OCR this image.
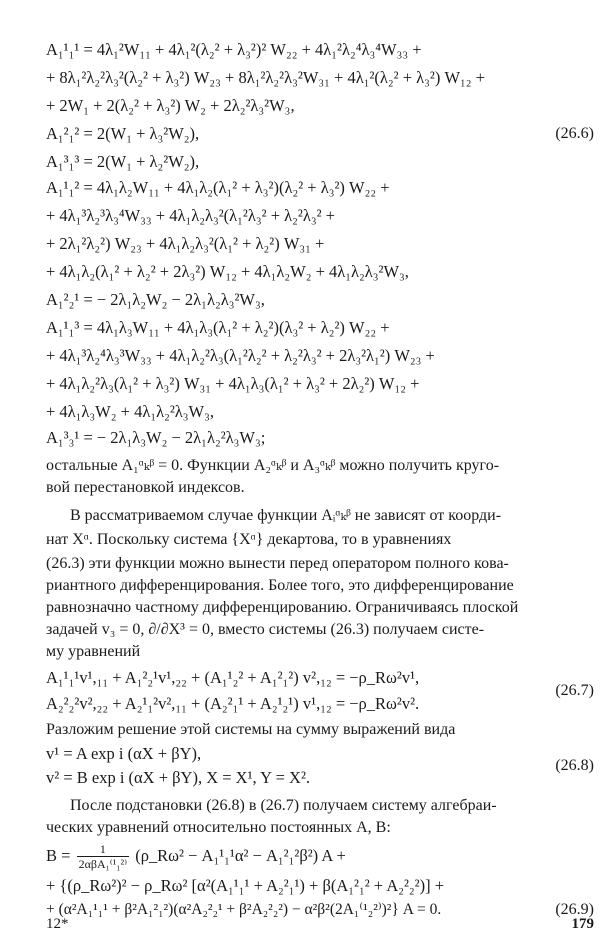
A₁¹₁¹ = 4λ₁²W₁₁ + 4λ₁²(λ₂² + λ₃²)² W₂₂ + 4λ₁²λ₂⁴λ₃⁴W₃₃ +
+ 8λ₁²λ₂²λ₃²(λ₂² + λ₃²) W₂₃ + 8λ₁²λ₂²λ₃²W₃₁ + 4λ₁²(λ₂² + λ₃²) W₁₂ +
+ 2W₁ + 2(λ₂² + λ₃²) W₂ + 2λ₂²λ₃²W₃,
A₁²₁² = 2(W₁ + λ₃²W₂),	(26.6)
A₁³₁³ = 2(W₁ + λ₂²W₂),
A₁¹₁² = 4λ₁λ₂W₁₁ + 4λ₁λ₂(λ₁² + λ₃²)(λ₂² + λ₃²) W₂₂ +
+ 4λ₁³λ₂³λ₃⁴W₃₃ + 4λ₁λ₂λ₃²(λ₁²λ₃² + λ₂²λ₃² +
+ 2λ₁²λ₂²) W₂₃ + 4λ₁λ₂λ₃²(λ₁² + λ₂²) W₃₁ +
+ 4λ₁λ₂(λ₁² + λ₂² + 2λ₃²) W₁₂ + 4λ₁λ₂W₂ + 4λ₁λ₂λ₃²W₃,
A₁²₂¹ = − 2λ₁λ₂W₂ − 2λ₁λ₂λ₃²W₃,
A₁¹₁³ = 4λ₁λ₃W₁₁ + 4λ₁λ₃(λ₁² + λ₂²)(λ₃² + λ₂²) W₂₂ +
+ 4λ₁³λ₂⁴λ₃³W₃₃ + 4λ₁λ₂²λ₃(λ₁²λ₂² + λ₂²λ₃² + 2λ₃²λ₁²) W₂₃ +
+ 4λ₁λ₂²λ₃(λ₁² + λ₃²) W₃₁ + 4λ₁λ₃(λ₁² + λ₃² + 2λ₂²) W₁₂ +
+ 4λ₁λ₃W₂ + 4λ₁λ₂²λ₃W₃,
A₁³₃¹ = − 2λ₁λ₃W₂ − 2λ₁λ₂²λ₃W₃;
остальные A₁ᵅₖᵝ = 0. Функции A₂ᵅₖᵝ и A₃ᵅₖᵝ можно получить круго-
вой перестановкой индексов.
В рассматриваемом случае функции Aᵢᵅₖᵝ не зависят от коорди-
нат Xᵅ. Поскольку система {Xᵅ} декартова, то в уравнениях
(26.3) эти функции можно вынести перед оператором полного кова-
риантного дифференцирования. Более того, это дифференцирование
равнозначно частному дифференцированию. Ограничиваясь плоской
задачей v₃ = 0, ∂/∂X³ = 0, вместо системы (26.3) получаем систе-
му уравнений
A₁¹₁¹v¹,₁₁ + A₁²₂¹v¹,₂₂ + (A₁¹₂² + A₁²₁²) v²,₁₂ = −ρ_Rω²v¹,
A₂²₂²v²,₂₂ + A₂¹₁²v²,₁₁ + (A₂²₁¹ + A₂¹₂¹) v¹,₁₂ = −ρ_Rω²v².
(26.7)
Разложим решение этой системы на сумму выражений вида
v¹ = A exp i (αX + βY),
v² = B exp i (αX + βY), X = X¹, Y = X².
(26.8)
После подстановки (26.8) в (26.7) получаем систему алгебраи-
ческих уравнений относительно постоянных A, B:
$B = \frac{1}{\text{2αβA₁⁽¹₁²⁾}}$ (ρ_Rω² − A₁¹₁¹α² − A₁²₁²β²) A +
+ {(ρ_Rω²)² − ρ_Rω² [α²(A₁¹₁¹ + A₂²₁¹) + β(A₁²₁² + A₂²₂²)] +
+ (α²A₁¹₁¹ + β²A₁²₁²)(α²A₂²₂¹ + β²A₂²₂²) − α²β²(2A₁⁽¹₂²⁾)²} A = 0.	(26.9)
12*	179
